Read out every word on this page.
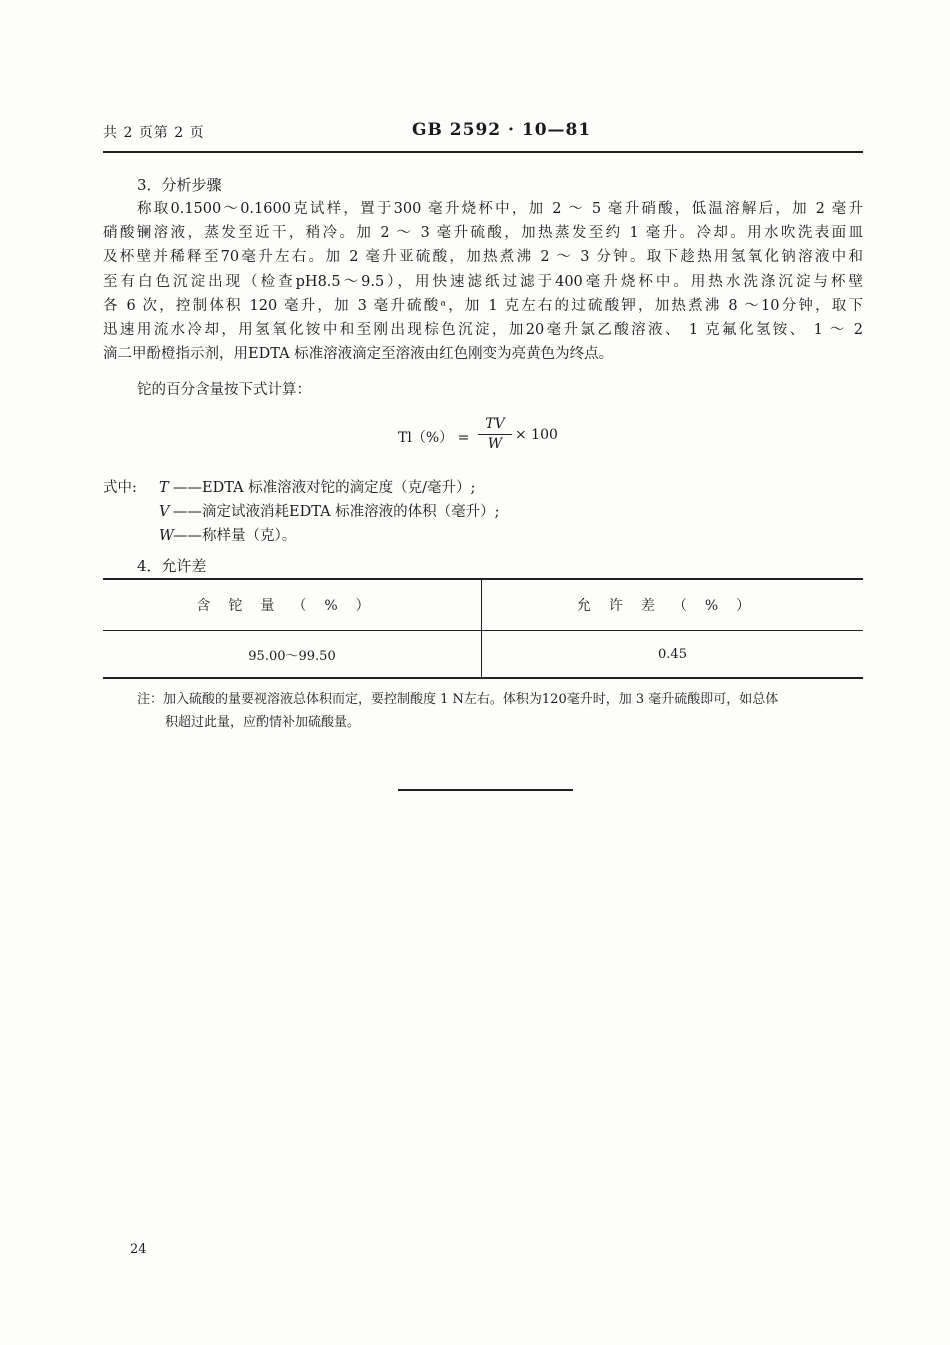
共 2 页第 2 页	GB 2592 · 10—81
3．分析步骤
称取0.1500～0.1600克试样，置于300 毫升烧杯中，加 2 ～ 5 毫升硝酸，低温溶解后，加 2 毫升
硝酸镧溶液，蒸发至近干，稍冷。加 2 ～ 3 毫升硫酸，加热蒸发至约 1 毫升。冷却。用水吹洗表面皿
及杯壁并稀释至70毫升左右。加 2 毫升亚硫酸，加热煮沸 2 ～ 3 分钟。取下趁热用氢氧化钠溶液中和
至有白色沉淀出现（检查pH8.5～9.5），用快速滤纸过滤于400毫升烧杯中。用热水洗涤沉淀与杯壁
各 6 次，控制体积 120 毫升，加 3 毫升硫酸ᵃ，加 1 克左右的过硫酸钾，加热煮沸 8 ～10分钟，取下
迅速用流水冷却，用氢氧化铵中和至刚出现棕色沉淀，加20毫升氯乙酸溶液、 1 克氟化氢铵、 1 ～ 2
滴二甲酚橙指示剂，用EDTA 标准溶液滴定至溶液由红色刚变为亮黄色为终点。
铊的百分含量按下式计算：
Tl（%） =
TV
W
× 100
式中: T ——EDTA 标准溶液对铊的滴定度（克/毫升）;
V ——滴定试液消耗EDTA 标准溶液的体积（毫升）;
W ——称样量（克）。
4．允许差
含铊量（%）	允许差（%）
95.00～99.50	0.45
注：加入硫酸的量要视溶液总体积而定，要控制酸度 1 N左右。体积为120毫升时，加 3 毫升硫酸即可，如总体
积超过此量，应酌情补加硫酸量。
24
